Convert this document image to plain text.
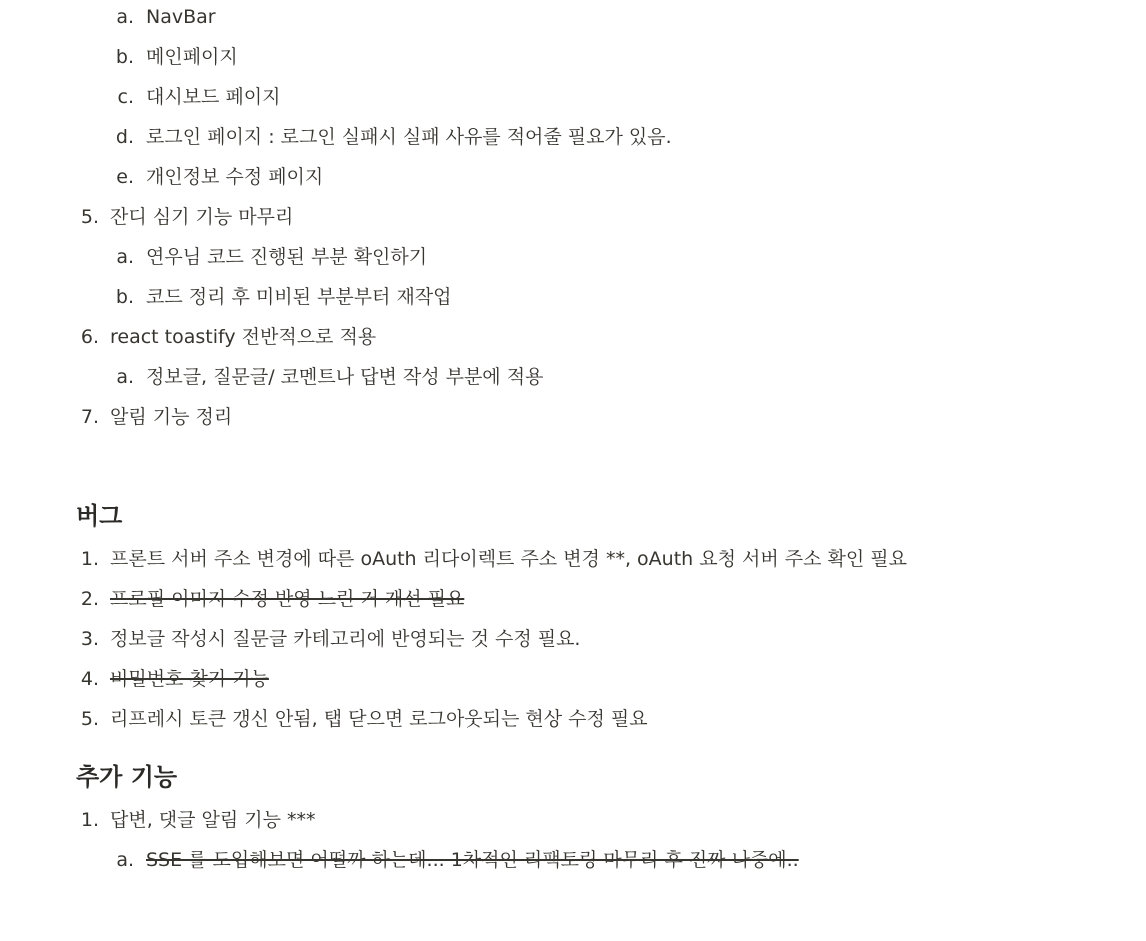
a. NavBar
b. 메인페이지
c. 대시보드 페이지
d. 로그인 페이지 : 로그인 실패시 실패 사유를 적어줄 필요가 있음.
e. 개인정보 수정 페이지
5. 잔디 심기 기능 마무리
a. 연우님 코드 진행된 부분 확인하기
b. 코드 정리 후 미비된 부분부터 재작업
6. react toastify 전반적으로 적용
a. 정보글, 질문글/ 코멘트나 답변 작성 부분에 적용
7. 알림 기능 정리
버그
1. 프론트 서버 주소 변경에 따른 oAuth 리다이렉트 주소 변경 **, oAuth 요청 서버 주소 확인 필요
2. 프로필 이미지 수정 반영 느린 거 개선 필요
3. 정보글 작성시 질문글 카테고리에 반영되는 것 수정 필요.
4. 비밀번호 찾기 기능
5. 리프레시 토큰 갱신 안됨, 탭 닫으면 로그아웃되는 현상 수정 필요
추가 기능
1. 답변, 댓글 알림 기능 ***
a. SSE 를 도입해보면 어떨까 하는데... 1차적인 리팩토링 마무리 후 진짜 나중에..
